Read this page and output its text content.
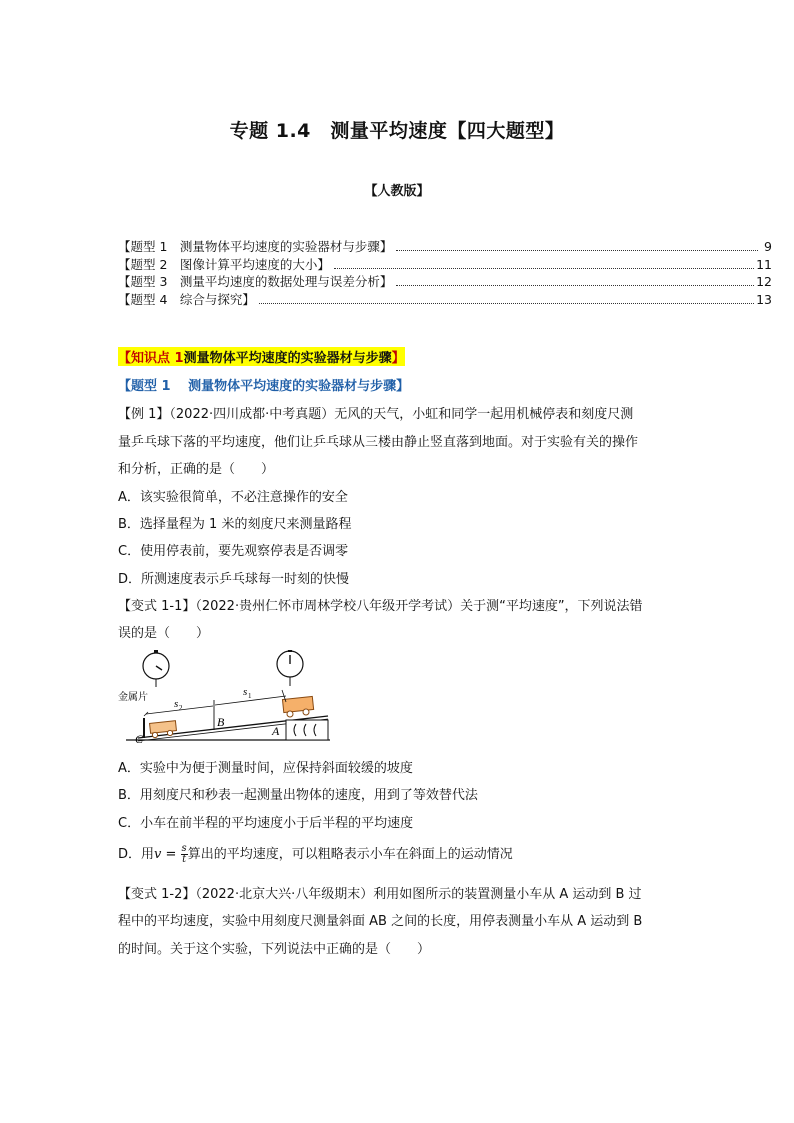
专题 1.4　测量平均速度【四大题型】
【人教版】
【题型 1　测量物体平均速度的实验器材与步骤】	9
【题型 2　图像计算平均速度的大小】	11
【题型 3　测量平均速度的数据处理与误差分析】	12
【题型 4　综合与探究】	13
【知识点 1测量物体平均速度的实验器材与步骤】
【题型 1　 测量物体平均速度的实验器材与步骤】
【例 1】（2022·四川成都·中考真题）无风的天气，小虹和同学一起用机械停表和刻度尺测
量乒乓球下落的平均速度，他们让乒乓球从三楼由静止竖直落到地面。对于实验有关的操作
和分析，正确的是（　　）
A．该实验很简单，不必注意操作的安全
B．选择量程为 1 米的刻度尺来测量路程
C．使用停表前，要先观察停表是否调零
D．所测速度表示乒乓球每一时刻的快慢
【变式 1-1】（2022·贵州仁怀市周林学校八年级开学考试）关于测“平均速度”，下列说法错
误的是（　　）
A．实验中为便于测量时间，应保持斜面较缓的坡度
B．用刻度尺和秒表一起测量出物体的速度，用到了等效替代法
C．小车在前半程的平均速度小于后半程的平均速度
D．用$v = \frac{s}{t}$ 算出的平均速度，可以粗略表示小车在斜面上的运动情况
【变式 1-2】（2022·北京大兴·八年级期末）利用如图所示的装置测量小车从 A 运动到 B 过
程中的平均速度，实验中用刻度尺测量斜面 AB 之间的长度，用停表测量小车从 A 运动到 B
的时间。关于这个实验，下列说法中正确的是（　　）
金属片
s 2
s 1
B
A
C
